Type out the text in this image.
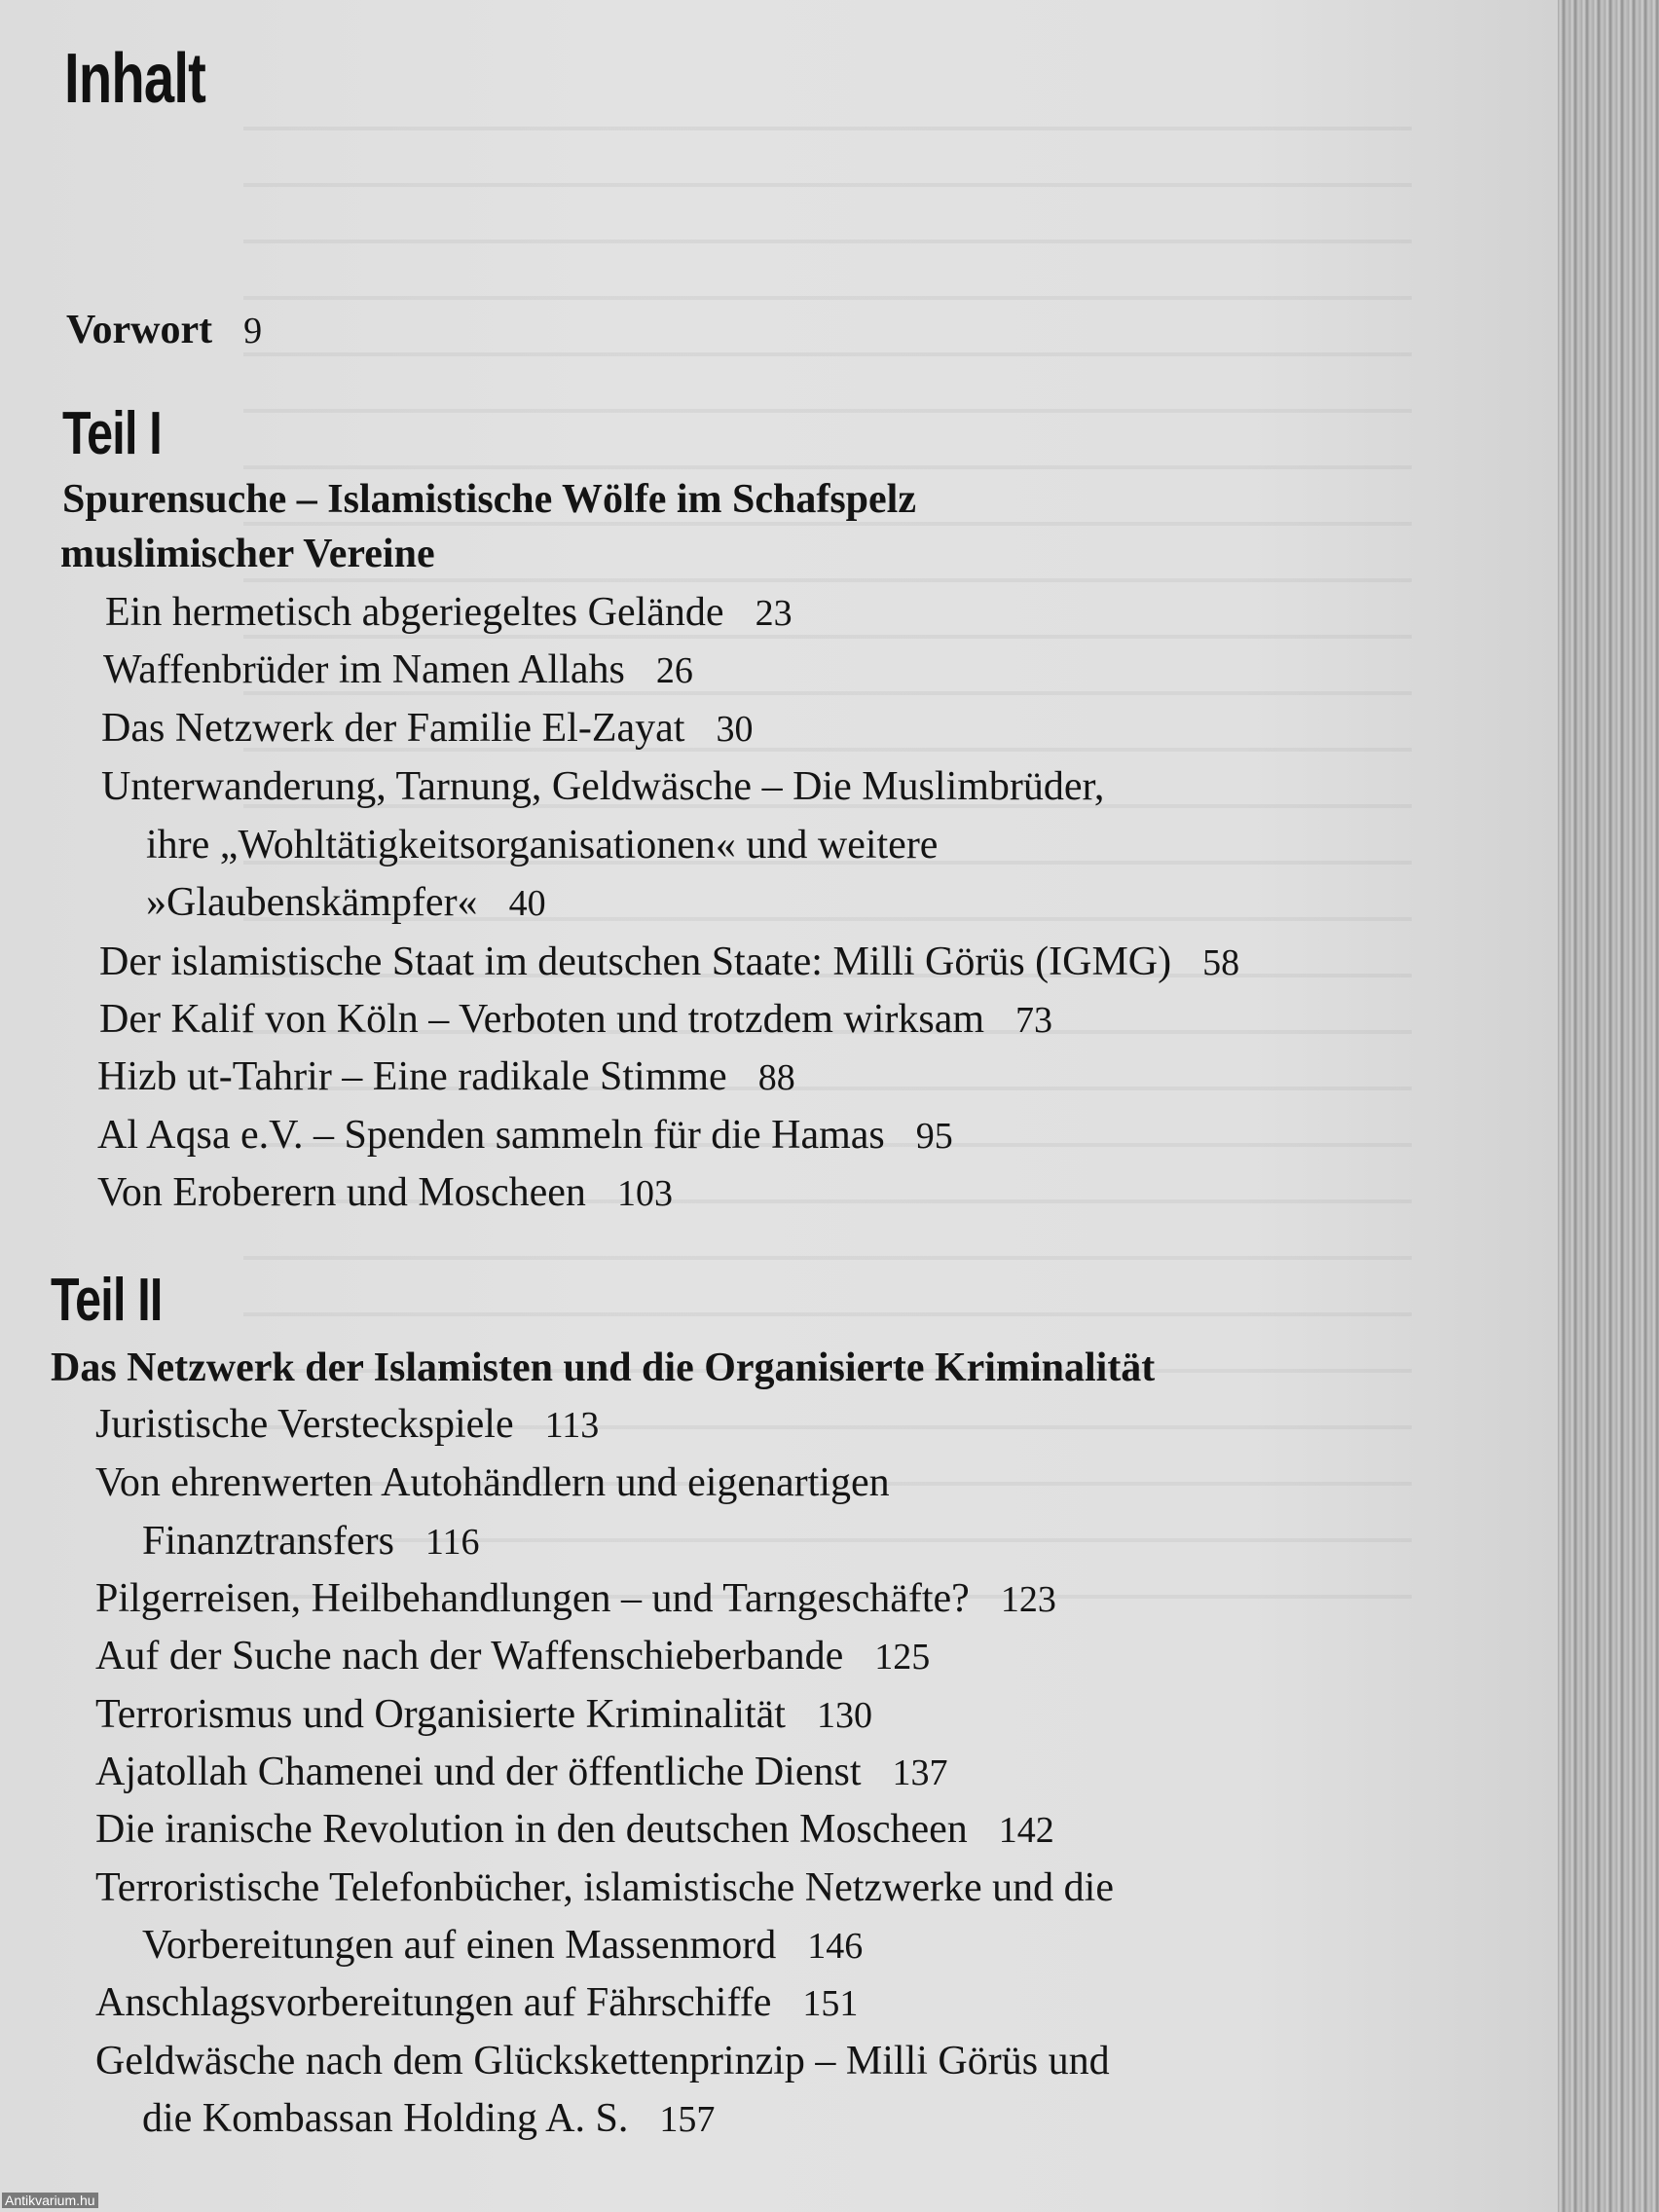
Inhalt
Vorwort 9
Teil I
Spurensuche – Islamistische Wölfe im Schafspelz
muslimischer Vereine
Ein hermetisch abgeriegeltes Gelände 23
Waffenbrüder im Namen Allahs 26
Das Netzwerk der Familie El-Zayat 30
Unterwanderung, Tarnung, Geldwäsche – Die Muslimbrüder,
ihre „Wohltätigkeitsorganisationen« und weitere
»Glaubenskämpfer« 40
Der islamistische Staat im deutschen Staate: Milli Görüs (IGMG) 58
Der Kalif von Köln – Verboten und trotzdem wirksam 73
Hizb ut-Tahrir – Eine radikale Stimme 88
Al Aqsa e.V. – Spenden sammeln für die Hamas 95
Von Eroberern und Moscheen 103
Teil II
Das Netzwerk der Islamisten und die Organisierte Kriminalität
Juristische Versteckspiele 113
Von ehrenwerten Autohändlern und eigenartigen
Finanztransfers 116
Pilgerreisen, Heilbehandlungen – und Tarngeschäfte? 123
Auf der Suche nach der Waffenschieberbande 125
Terrorismus und Organisierte Kriminalität 130
Ajatollah Chamenei und der öffentliche Dienst 137
Die iranische Revolution in den deutschen Moscheen 142
Terroristische Telefonbücher, islamistische Netzwerke und die
Vorbereitungen auf einen Massenmord 146
Anschlagsvorbereitungen auf Fährschiffe 151
Geldwäsche nach dem Glückskettenprinzip – Milli Görüs und
die Kombassan Holding A. S. 157
Antikvarium.hu
